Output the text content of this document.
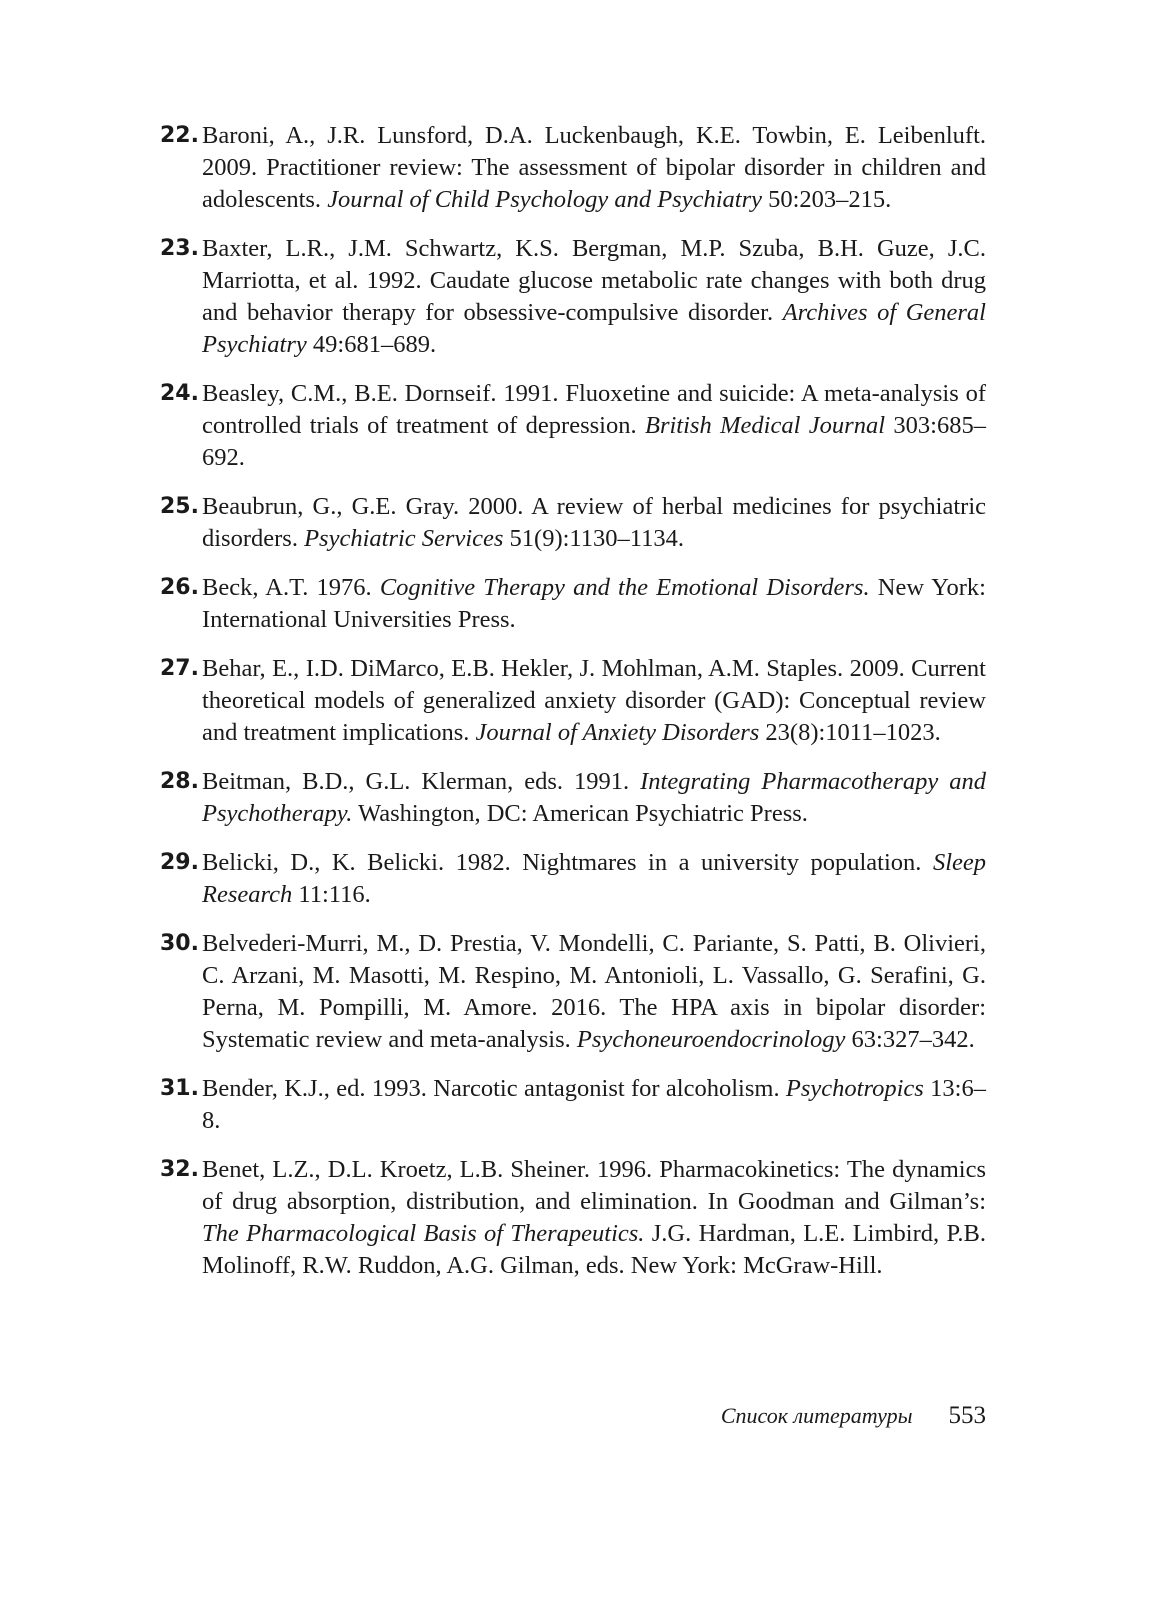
22. Baroni, A., J.R. Lunsford, D.A. Luckenbaugh, K.E. Towbin, E. Leibenluft. 2009. Practitioner review: The assessment of bipolar disorder in children and adolescents. Journal of Child Psychology and Psychiatry 50:203–215.
23. Baxter, L.R., J.M. Schwartz, K.S. Bergman, M.P. Szuba, B.H. Guze, J.C. Marriotta, et al. 1992. Caudate glucose metabolic rate changes with both drug and behavior therapy for obsessive-compulsive disorder. Archives of General Psychiatry 49:681–689.
24. Beasley, C.M., B.E. Dornseif. 1991. Fluoxetine and suicide: A meta-analysis of controlled trials of treatment of depression. British Medical Journal 303:685–692.
25. Beaubrun, G., G.E. Gray. 2000. A review of herbal medicines for psychiatric disorders. Psychiatric Services 51(9):1130–1134.
26. Beck, A.T. 1976. Cognitive Therapy and the Emotional Disorders. New York: International Universities Press.
27. Behar, E., I.D. DiMarco, E.B. Hekler, J. Mohlman, A.M. Staples. 2009. Current theoretical models of generalized anxiety disorder (GAD): Conceptual review and treatment implications. Journal of Anxiety Disorders 23(8):1011–1023.
28. Beitman, B.D., G.L. Klerman, eds. 1991. Integrating Pharmacotherapy and Psychotherapy. Washington, DC: American Psychiatric Press.
29. Belicki, D., K. Belicki. 1982. Nightmares in a university population. Sleep Research 11:116.
30. Belvederi-Murri, M., D. Prestia, V. Mondelli, C. Pariante, S. Patti, B. Olivieri, C. Arzani, M. Masotti, M. Respino, M. Antonioli, L. Vassallo, G. Serafini, G. Perna, M. Pompilli, M. Amore. 2016. The HPA axis in bipolar disorder: Systematic review and meta-analysis. Psychoneuroendocrinology 63:327–342.
31. Bender, K.J., ed. 1993. Narcotic antagonist for alcoholism. Psychotropics 13:6–8.
32. Benet, L.Z., D.L. Kroetz, L.B. Sheiner. 1996. Pharmacokinetics: The dynamics of drug absorption, distribution, and elimination. In Goodman and Gilman’s: The Pharmacological Basis of Therapeutics. J.G. Hardman, L.E. Limbird, P.B. Molinoff, R.W. Ruddon, A.G. Gilman, eds. New York: McGraw-Hill.
Список литературы 553
